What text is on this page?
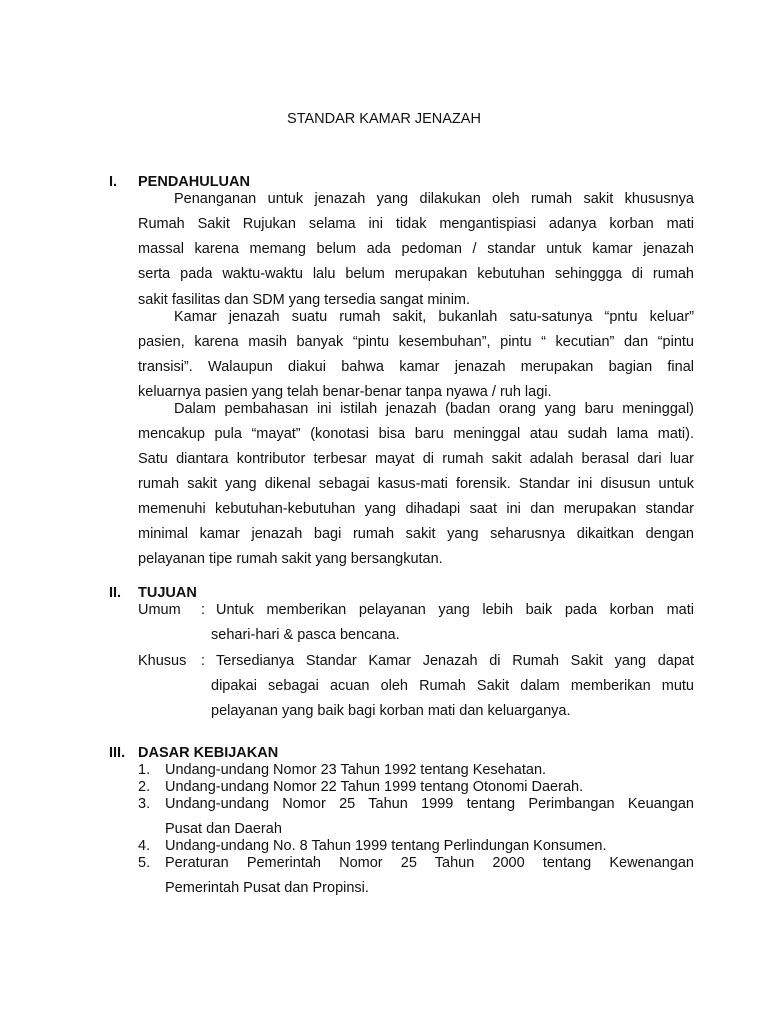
STANDAR KAMAR JENAZAH
I. PENDAHULUAN
Penanganan untuk jenazah yang dilakukan oleh rumah sakit khususnya
Rumah Sakit Rujukan selama ini tidak mengantispiasi adanya korban mati
massal karena memang belum ada pedoman / standar untuk kamar jenazah
serta pada waktu-waktu lalu belum merupakan kebutuhan sehinggga di rumah
sakit fasilitas dan SDM yang tersedia sangat minim.
Kamar jenazah suatu rumah sakit, bukanlah satu-satunya “pntu keluar”
pasien, karena masih banyak “pintu kesembuhan”, pintu “ kecutian” dan “pintu
transisi”. Walaupun diakui bahwa kamar jenazah merupakan bagian final
keluarnya pasien yang telah benar-benar tanpa nyawa / ruh lagi.
Dalam pembahasan ini istilah jenazah (badan orang yang baru meninggal)
mencakup pula “mayat” (konotasi bisa baru meninggal atau sudah lama mati).
Satu diantara kontributor terbesar mayat di rumah sakit adalah berasal dari luar
rumah sakit yang dikenal sebagai kasus-mati forensik. Standar ini disusun untuk
memenuhi kebutuhan-kebutuhan yang dihadapi saat ini dan merupakan standar
minimal kamar jenazah bagi rumah sakit yang seharusnya dikaitkan dengan
pelayanan tipe rumah sakit yang bersangkutan.
II. TUJUAN
Umum : Untuk memberikan pelayanan yang lebih baik pada korban mati
sehari-hari & pasca bencana.
Khusus : Tersedianya Standar Kamar Jenazah di Rumah Sakit yang dapat
dipakai sebagai acuan oleh Rumah Sakit dalam memberikan mutu
pelayanan yang baik bagi korban mati dan keluarganya.
III. DASAR KEBIJAKAN
1. Undang-undang Nomor 23 Tahun 1992 tentang Kesehatan.
2. Undang-undang Nomor 22 Tahun 1999 tentang Otonomi Daerah.
3. Undang-undang Nomor 25 Tahun 1999 tentang Perimbangan Keuangan
Pusat dan Daerah
4. Undang-undang No. 8 Tahun 1999 tentang Perlindungan Konsumen.
5. Peraturan Pemerintah Nomor 25 Tahun 2000 tentang Kewenangan
Pemerintah Pusat dan Propinsi.
